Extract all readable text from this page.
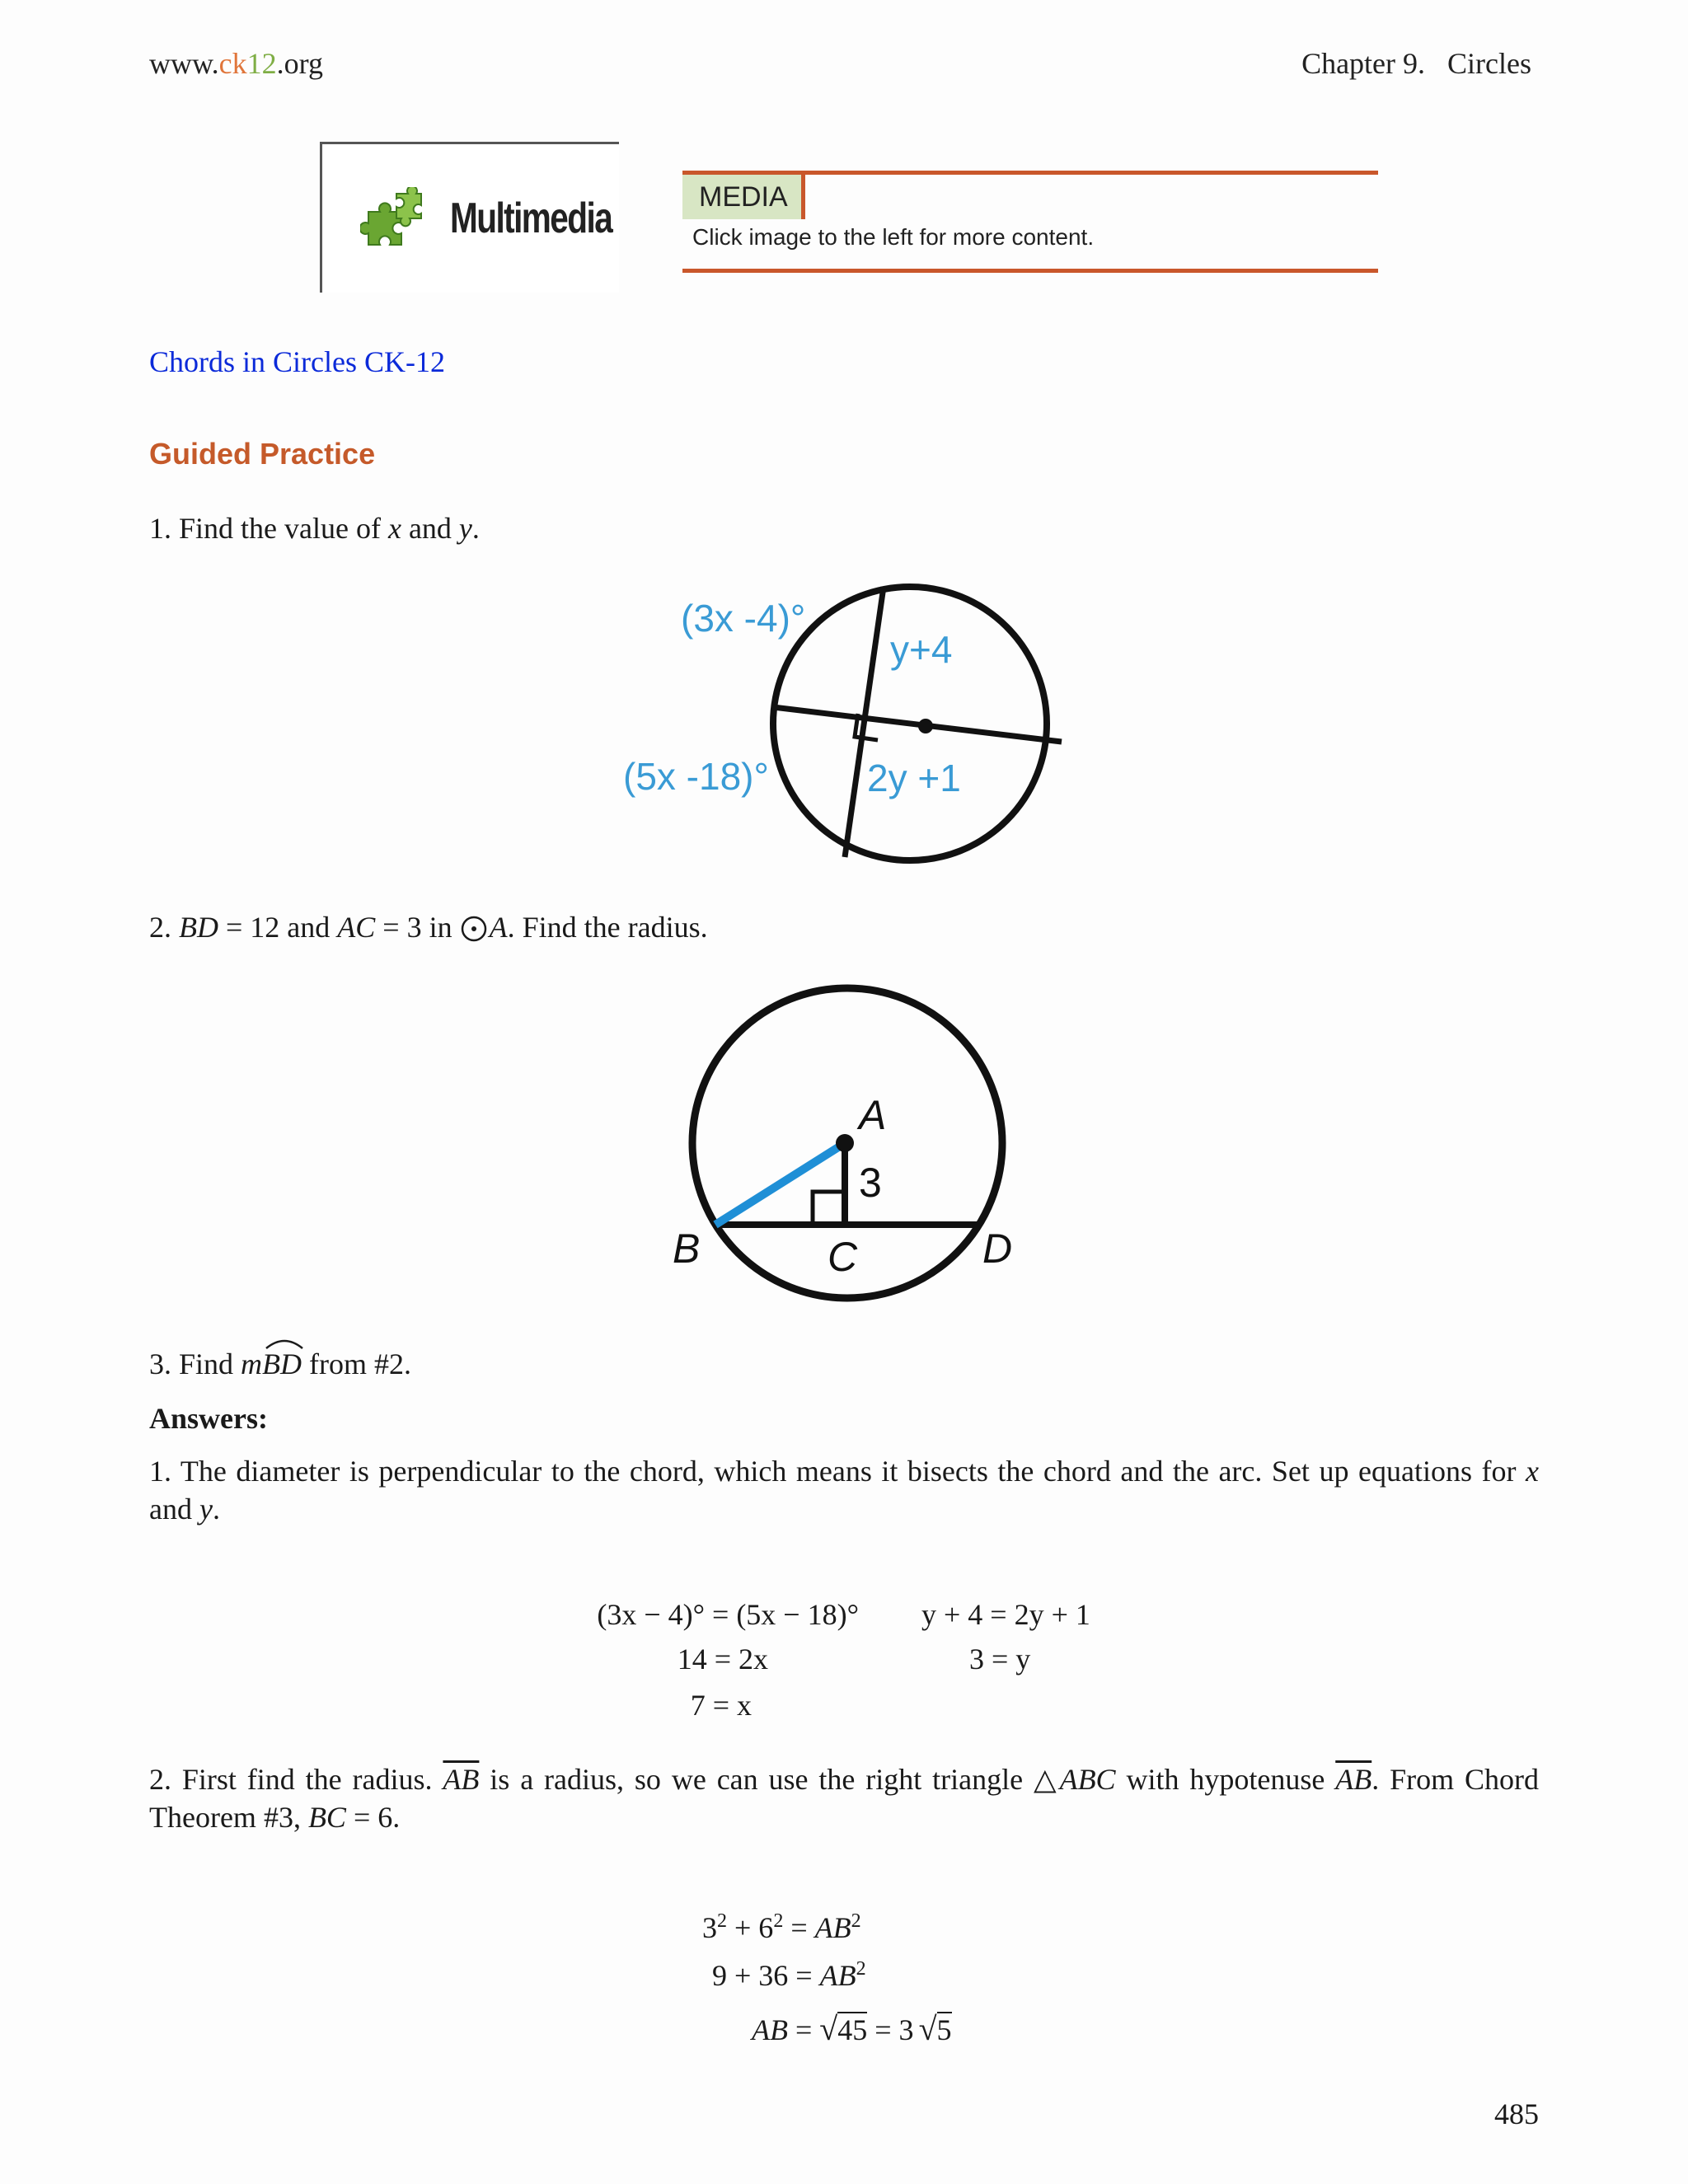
www.ck12.org	Chapter 9.   Circles
Multimedia	MEDIA
Click image to the left for more content.
Chords in Circles CK-12
Guided Practice
1. Find the value of x and y.
(3x -4)°
(5x -18)°
y+4
2y +1
2. BD = 12 and AC = 3 in A. Find the radius.
A
3
B	C	D
3. Find m
BD from #2.
Answers:
1. The diameter is perpendicular to the chord, which means it bisects the chord and the arc. Set up equations for x and y.
(3x − 4)° = (5x − 18)°
14 = 2x
7 = x
y + 4 = 2y + 1
3 = y
2. First find the radius. $\overline{AB}$ is a radius, so we can use the right triangle △ABC with hypotenuse $\overline{AB}$. From Chord Theorem #3, BC = 6.
$3^2 + 6^2 = AB^2$
$9 + 36 = AB^2$
AB = √45 = 3 √5
485
